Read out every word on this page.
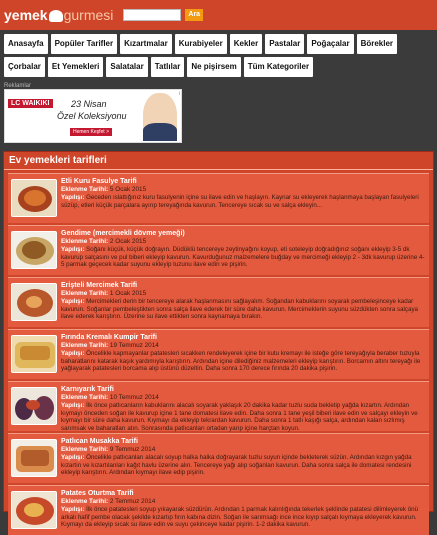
yemek gurmesi	Ara
Anasayfa	Popüler Tarifler	Kızartmalar	Kurabiyeler	Kekler	Pastalar	Poğaçalar	Börekler
Çorbalar	Et Yemekleri	Salatalar	Tatlılar	Ne pişirsem	Tüm Kategoriler
Reklamlar
LC WAIKIKI	23 Nisan
Özel Koleksiyonu
Hemen Keşfet >
i
Ev yemekleri tarifleri
Etli Kuru Fasulye Tarifi
Eklenme Tarihi: 5 Ocak 2015
Yapılışı: Geceden ıslattığınız kuru fasulyenin içine su ilave edin ve haşlayın. Kaynar su ekleyerek haşlanmaya başlayan fasulyeleri süzüp, etleri küçük parçalara ayırıp tereyağında kavurun. Tencereye sıcak su ve salça ekleyin...
Gendime (mercimekli dövme yemeği)
Eklenme Tarihi: 2 Ocak 2015
Yapılışı: Soğanı küçük, küçük doğrayın. Düdüklü tencereye zeytinyağını koyup, eti soteleyip doğradığınız soğanı ekleyip 3-5 dk kavurup salçasını ve pul biberi ekleyip kavurun. Kavurduğunuz malzemelere buğday ve mercimeği ekleyip 2 - 3dk kavurup üzerine 4-5 parmak geçecek kadar suyunu ekleyip tuzunu ilave edin ve pişirin.
Erişteli Mercimek Tarifi
Eklenme Tarihi: 1 Ocak 2015
Yapılışı: Mercimekleri derin bir tencereye alarak haşlanmasını sağlayalım. Soğandan kabuklarını soyarak pembeleşinceye kadar kavurun. Soğanlar pembeleştikten sonra salça ilave ederek bir süre daha kavurun. Mercimeklerin suyunu süzdükten sonra salçaya ilave ederek karıştırın. Üzerine su ilave ettikten sonra kaynamaya bırakın.
Fırında Kremalı Kumpir Tarifi
Eklenme Tarihi: 19 Temmuz 2014
Yapılışı: Öncelikle kapmayanlar patatesleri sıcakken rendeleyerek içine bir kutu kremayı ile isteğe göre tereyağıyla beraber tuzuyla baharatlarını katarak kaşık yardımıyla karıştırın. Ardından içine dilediğiniz malzemeleri ekleyip karıştırın. Borcamın altını tereyağı ile yağlayarak patatesleri borcama alıp üstünü düzeltin. Daha sonra 170 derece fırında 20 dakika pişirin.
Karnıyarık Tarifi
Eklenme Tarihi: 10 Temmuz 2014
Yapılışı: İlk önce patlıcanların kabuklarını alacalı soyarak yaklaşık 20 dakika kadar tuzlu suda bekletip yağda kızartın. Ardından kıymayı önceden soğan ile kavurup içine 1 tane domatesi ilave edin. Daha sonra 1 tane yeşil biberi ilave edin ve salçayı ekleyin ve kıymayı bir süre daha kavurun. Kıymayı da ekleyip tekrardan kavurun. Daha sonra 1 tatlı kaşığı salça, ardından kalan sızlımış sarımsak ve baharatları atın. Sonrasında patlıcanları ortadan yarıp içine harçtan koyun.
Patlıcan Musakka Tarifi
Eklenme Tarihi: 9 Temmuz 2014
Yapılışı: Öncelikle patlıcanları alacalı soyup halka halka doğrayarak tuzlu suyun içinde bekleterek süzün. Ardından kızgın yağda kızartın ve kızartılanları kağıt havlu üzerine alın. Tencereye yağı alıp soğanları kavurun. Daha sonra salça ile domatesi rendesini ekleyip karıştırın. Ardından kıymayı ilave edip pişirin.
Patates Oturtma Tarifi
Eklenme Tarihi: 2 Temmuz 2014
Yapılışı: İlk önce patatesleri soyup yıkayarak süzdürün. Ardından 1 parmak kalınlığında tekerlek şeklinde patatesi dilimleyerek önü arkalı hafif pembe olacak şekilde kızartıp fırın kabına dizin. Soğan ile sarımsağı ince ince kıyıp salçalı kıymaya ekleyerek kavurun. Kıymayı da ekleyip sıcak su ilave edin ve suyu çekinceye kadar pişirin. 1-2 dakika kavurun.
